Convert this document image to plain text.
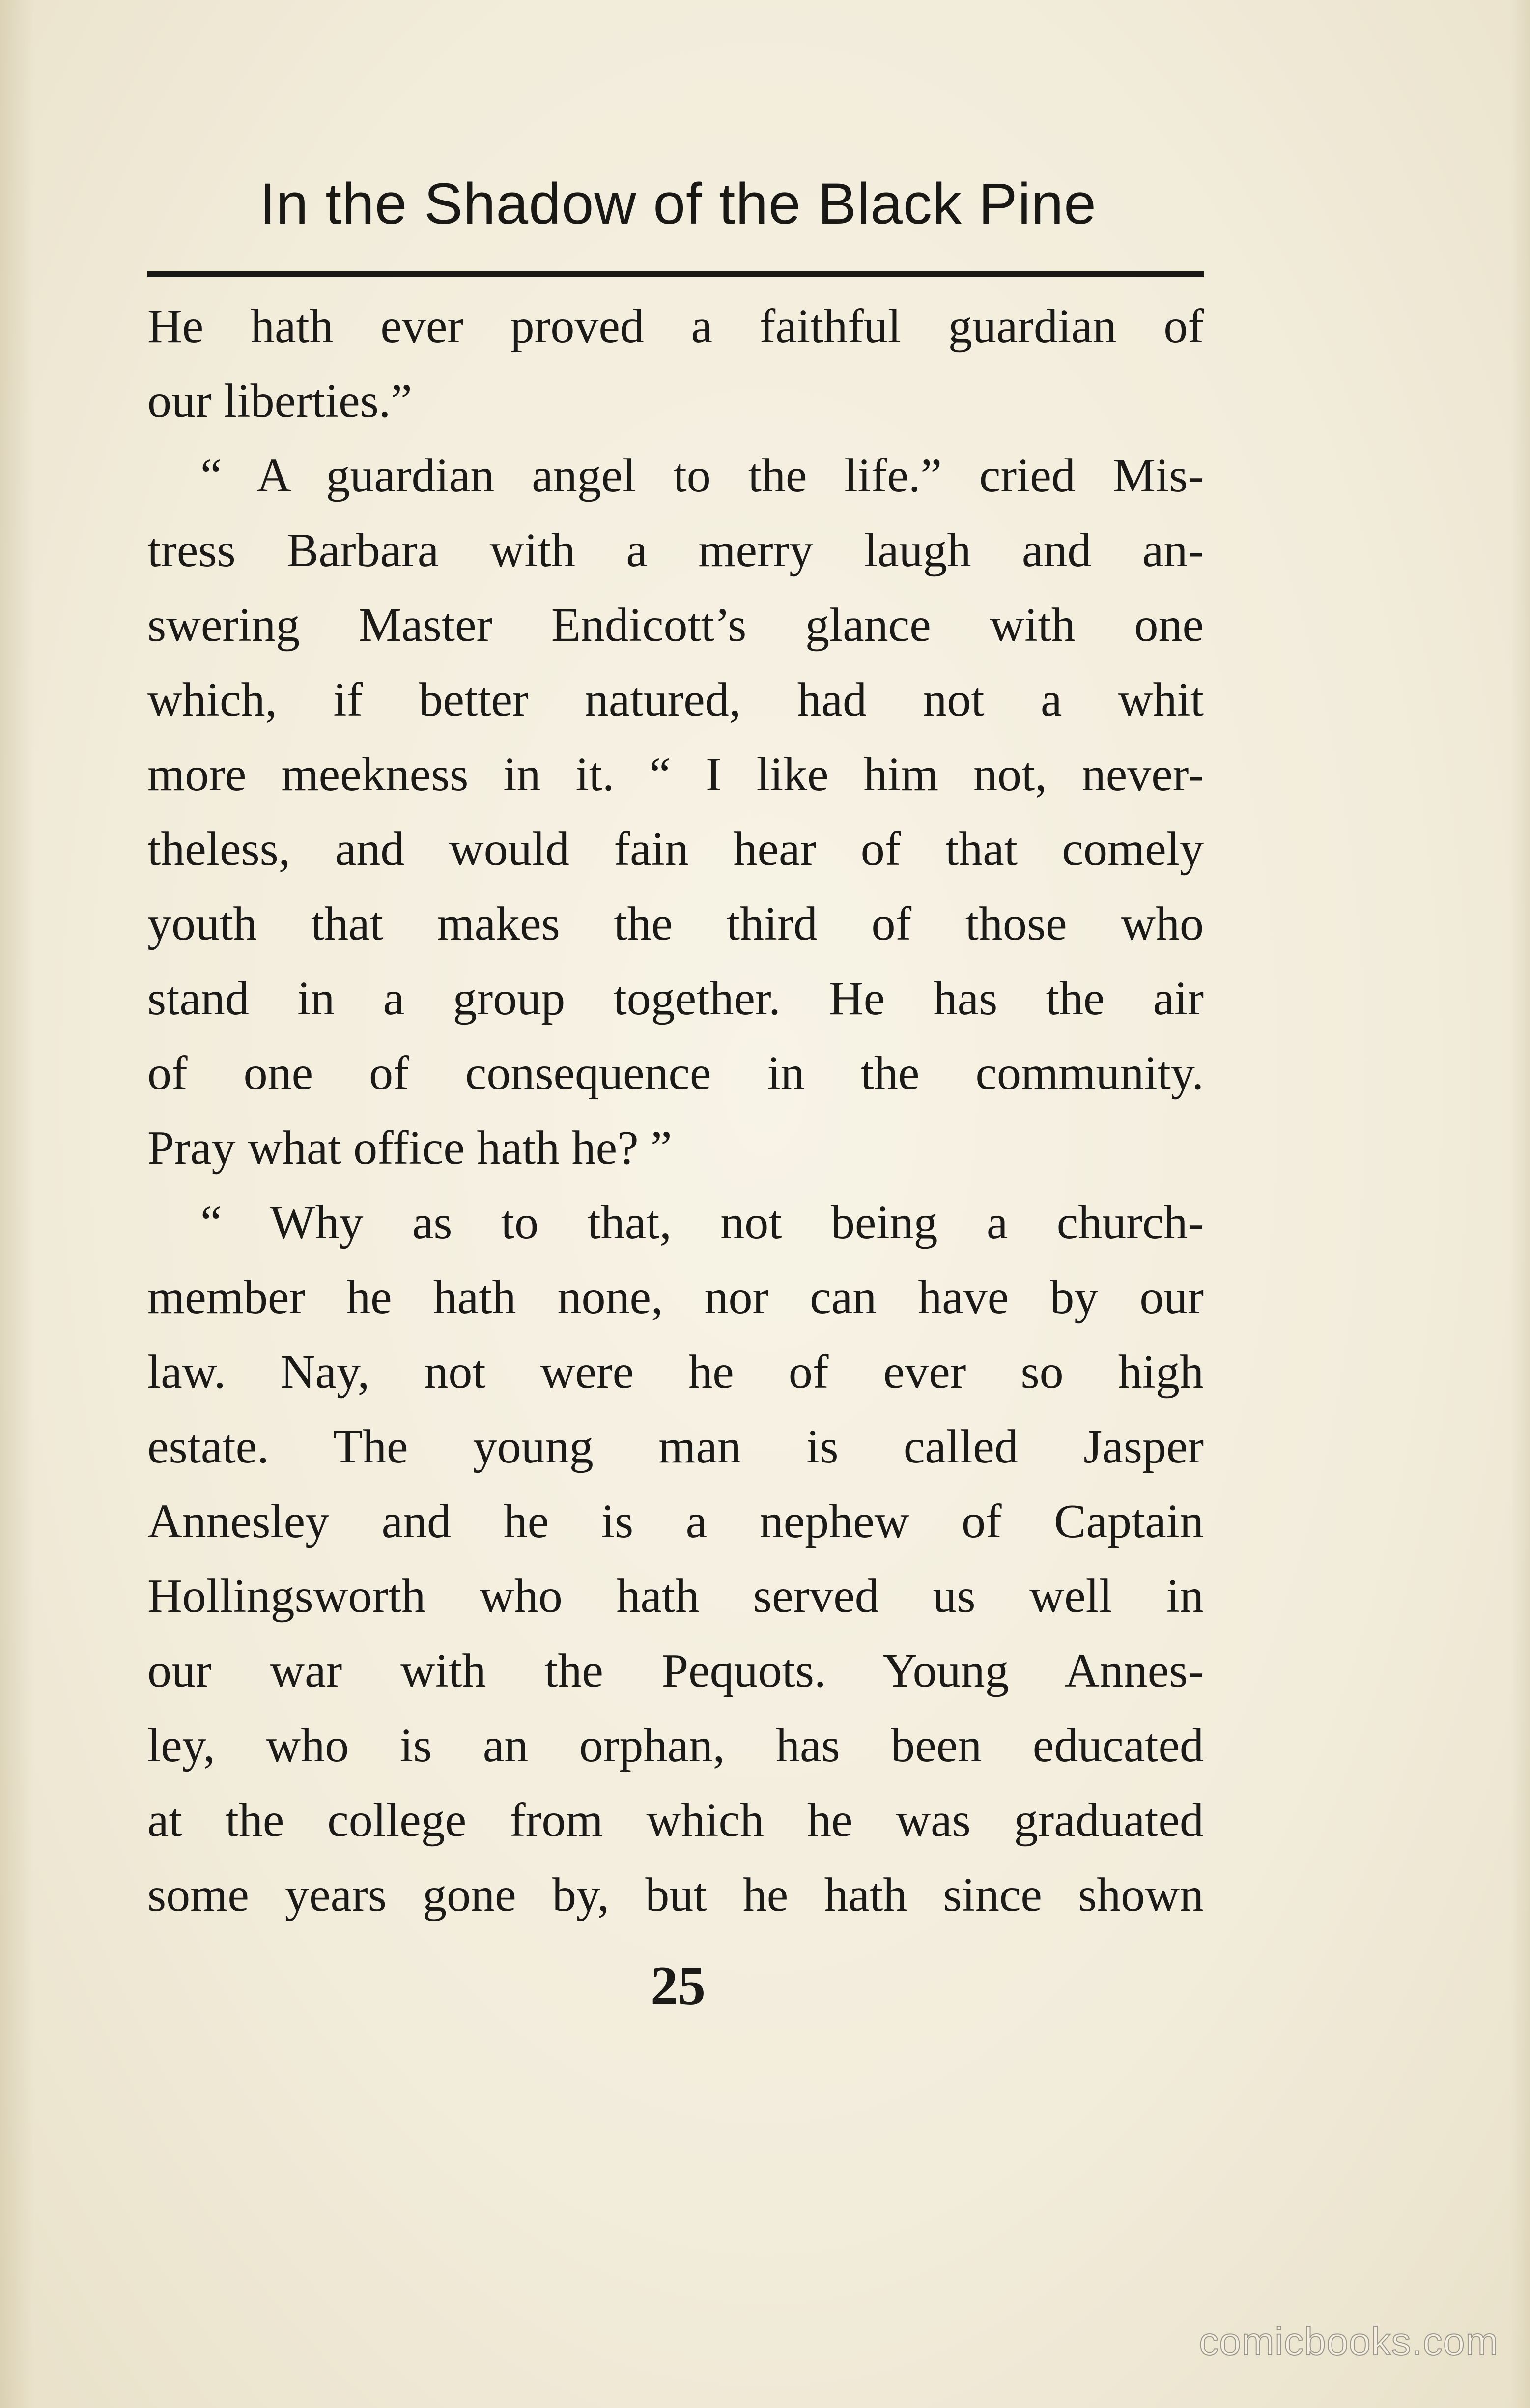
In the Shadow of the Black Pine
He hath ever proved a faithful guardian of
our liberties.”
“ A guardian angel to the life.” cried Mis-
tress Barbara with a merry laugh and an-
swering Master Endicott’s glance with one
which, if better natured, had not a whit
more meekness in it. “ I like him not, never-
theless, and would fain hear of that comely
youth that makes the third of those who
stand in a group together. He has the air
of one of consequence in the community.
Pray what office hath he? ”
“ Why as to that, not being a church-
member he hath none, nor can have by our
law. Nay, not were he of ever so high
estate. The young man is called Jasper
Annesley and he is a nephew of Captain
Hollingsworth who hath served us well in
our war with the Pequots. Young Annes-
ley, who is an orphan, has been educated
at the college from which he was graduated
some years gone by, but he hath since shown
25
comicbooks.com
